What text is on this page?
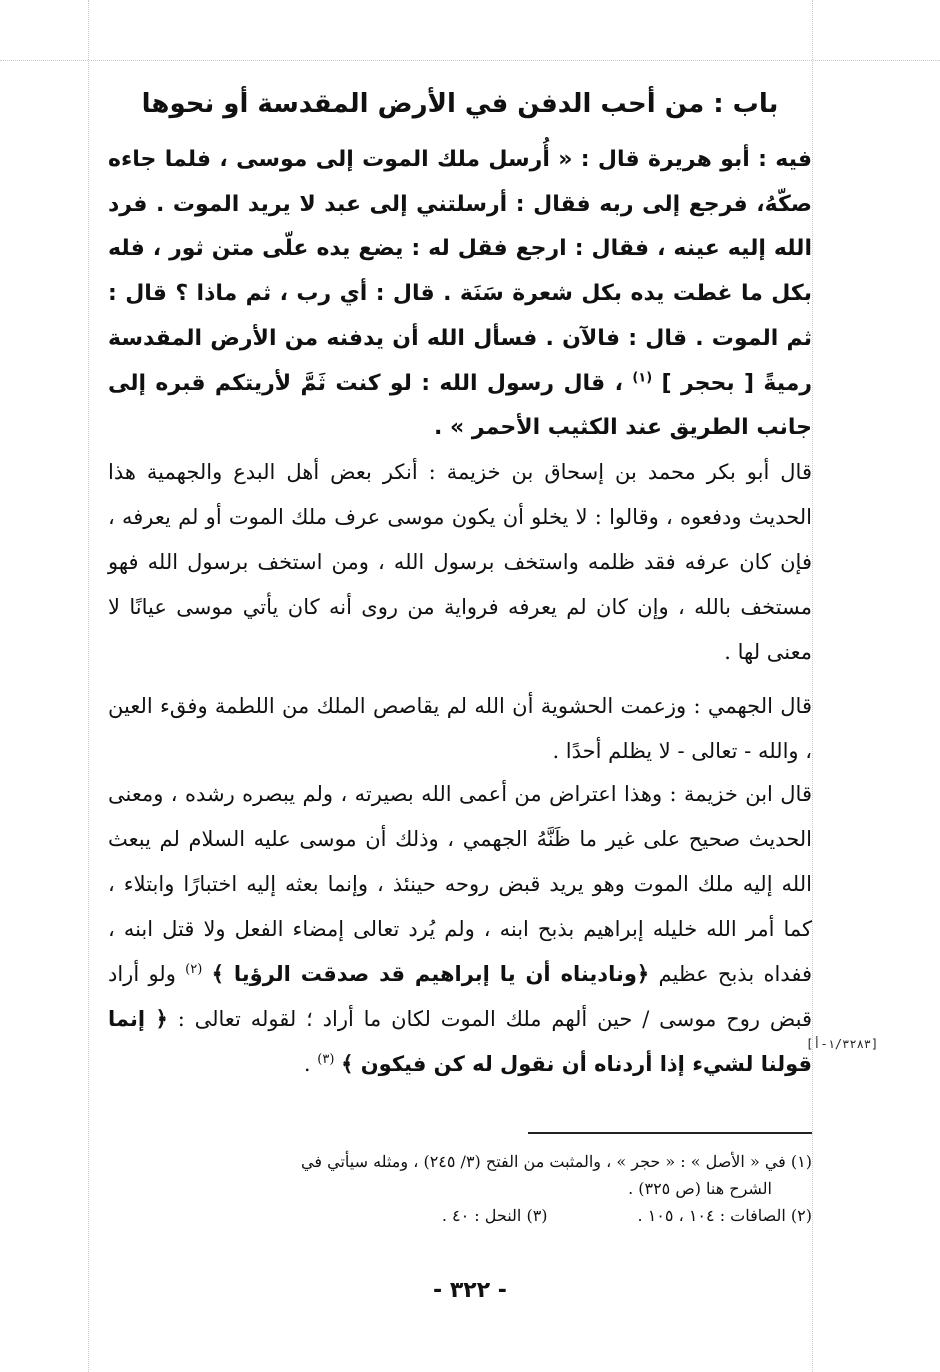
باب : من أحب الدفن في الأرض المقدسة أو نحوها
فيه : أبو هريرة قال : « أُرسل ملك الموت إلى موسى ، فلما جاءه صكّهُ، فرجع إلى ربه فقال : أرسلتني إلى عبد لا يريد الموت . فرد الله إليه عينه ، فقال : ارجع فقل له : يضع يده علّى متن ثور ، فله بكل ما غطت يده بكل شعرة سَنَة . قال : أي رب ، ثم ماذا ؟ قال : ثم الموت . قال : فالآن . فسأل الله أن يدفنه من الأرض المقدسة رميةً [ بحجر ] $^{(١)}$ ، قال رسول الله : لو كنت ثَمَّ لأريتكم قبره إلى جانب الطريق عند الكثيب الأحمر » .
قال أبو بكر محمد بن إسحاق بن خزيمة : أنكر بعض أهل البدع والجهمية هذا الحديث ودفعوه ، وقالوا : لا يخلو أن يكون موسى عرف ملك الموت أو لم يعرفه ، فإن كان عرفه فقد ظلمه واستخف برسول الله ، ومن استخف برسول الله فهو مستخف بالله ، وإن كان لم يعرفه فرواية من روى أنه كان يأتي موسى عيانًا لا معنى لها .
قال الجهمي : وزعمت الحشوية أن الله لم يقاصص الملك من اللطمة وفقء العين ، والله - تعالى - لا يظلم أحدًا .
قال ابن خزيمة : وهذا اعتراض من أعمى الله بصيرته ، ولم يبصره رشده ، ومعنى الحديث صحيح على غير ما ظَنَّهُ الجهمي ، وذلك أن موسى عليه السلام لم يبعث الله إليه ملك الموت وهو يريد قبض روحه حينئذ ، وإنما بعثه إليه اختبارًا وابتلاء ، كما أمر الله خليله إبراهيم بذبح ابنه ، ولم يُرد تعالى إمضاء الفعل ولا قتل ابنه ، ففداه بذبح عظيم ﴿وناديناه أن يا إبراهيم قد صدقت الرؤيا ﴾ $^{(٢)}$ ولو أراد قبض روح موسى / حين ألهم ملك الموت لكان ما أراد ؛ لقوله تعالى : ﴿ إنما قولنا لشيء إذا أردناه أن نقول له كن فيكون ﴾ $^{(٣)}$ .
[١/٣٢٨٣-أ]
(١) في « الأصل » : « حجر » ، والمثبت من الفتح (٣/ ٢٤٥) ، ومثله سيأتي في
الشرح هنا (ص ٣٢٥) .
(٢) الصافات : ١٠٤ ، ١٠٥ .
(٣) النحل : ٤٠ .
- ٣٢٢ -
